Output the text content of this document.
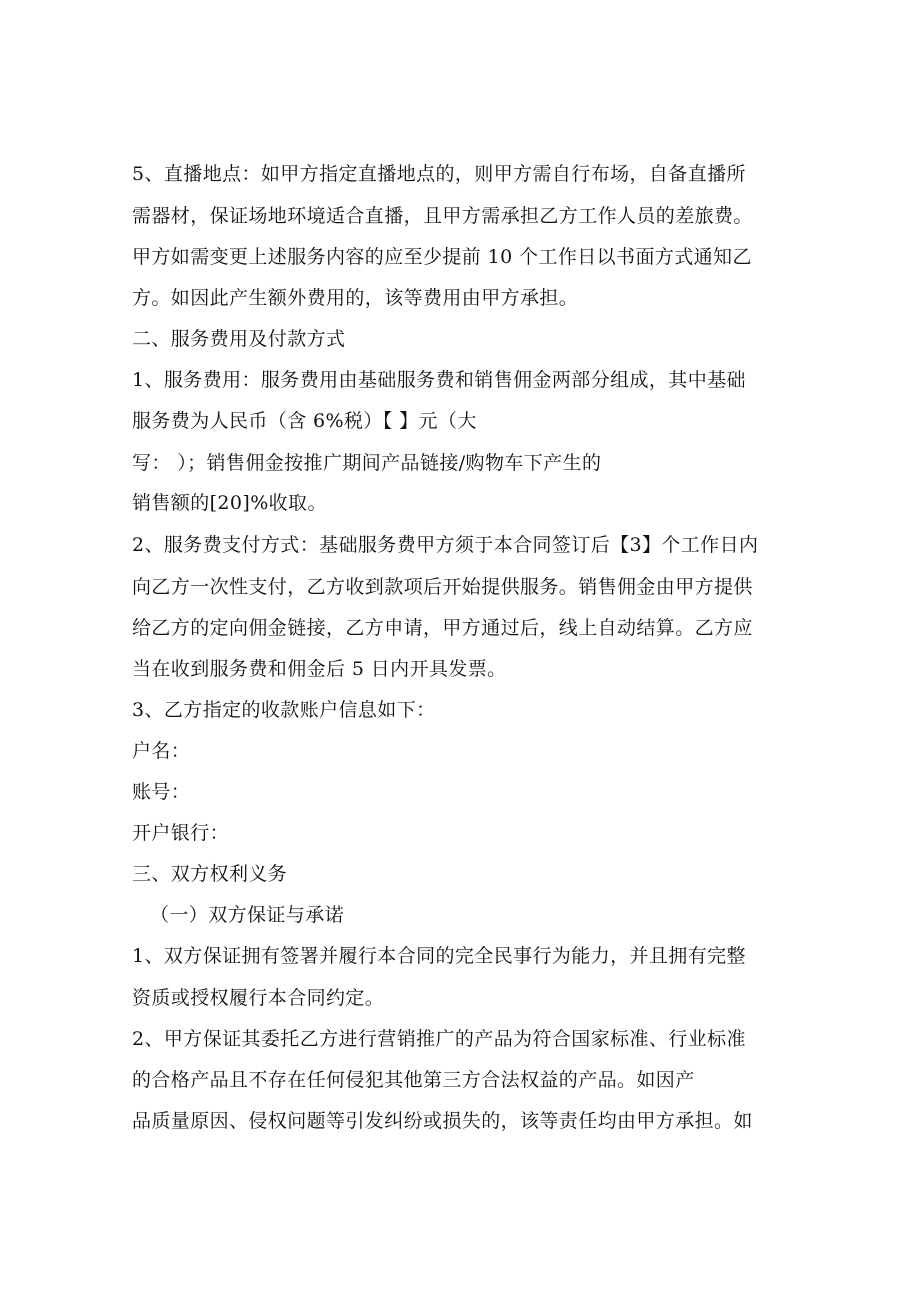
5、直播地点：如甲方指定直播地点的，则甲方需自行布场，自备直播所
需器材，保证场地环境适合直播，且甲方需承担乙方工作人员的差旅费。
甲方如需变更上述服务内容的应至少提前 10 个工作日以书面方式通知乙
方。如因此产生额外费用的，该等费用由甲方承担。
二、服务费用及付款方式
1、服务费用：服务费用由基础服务费和销售佣金两部分组成，其中基础
服务费为人民币（含 6%税）【 】元（大
写： ）；销售佣金按推广期间产品链接/购物车下产生的
销售额的[20]%收取。
2、服务费支付方式：基础服务费甲方须于本合同签订后【3】个工作日内
向乙方一次性支付，乙方收到款项后开始提供服务。销售佣金由甲方提供
给乙方的定向佣金链接，乙方申请，甲方通过后，线上自动结算。乙方应
当在收到服务费和佣金后 5 日内开具发票。
3、乙方指定的收款账户信息如下：
户名：
账号：
开户银行：
三、双方权利义务
（一）双方保证与承诺
1、双方保证拥有签署并履行本合同的完全民事行为能力，并且拥有完整
资质或授权履行本合同约定。
2、甲方保证其委托乙方进行营销推广的产品为符合国家标准、行业标准
的合格产品且不存在任何侵犯其他第三方合法权益的产品。如因产
品质量原因、侵权问题等引发纠纷或损失的，该等责任均由甲方承担。如
